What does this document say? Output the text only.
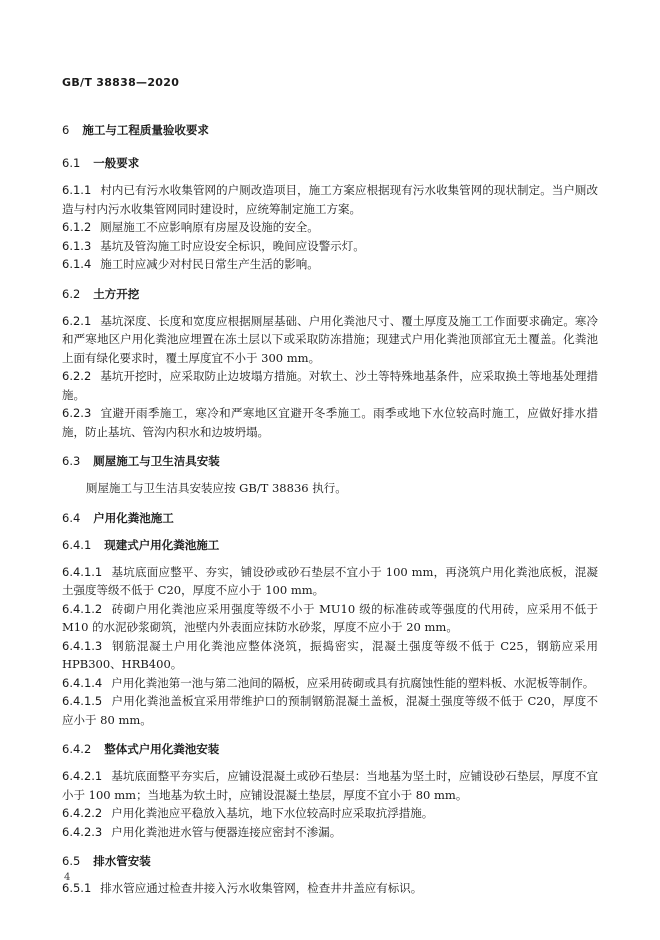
GB/T 38838—2020
6 施工与工程质量验收要求
6.1 一般要求
6.1.1 村内已有污水收集管网的户厕改造项目，施工方案应根据现有污水收集管网的现状制定。当户厕改造与村内污水收集管网同时建设时，应统筹制定施工方案。
6.1.2 厕屋施工不应影响原有房屋及设施的安全。
6.1.3 基坑及管沟施工时应设安全标识，晚间应设警示灯。
6.1.4 施工时应减少对村民日常生产生活的影响。
6.2 土方开挖
6.2.1 基坑深度、长度和宽度应根据厕屋基础、户用化粪池尺寸、覆土厚度及施工工作面要求确定。寒冷和严寒地区户用化粪池应埋置在冻土层以下或采取防冻措施；现建式户用化粪池顶部宜无土覆盖。化粪池上面有绿化要求时，覆土厚度宜不小于 300 mm。
6.2.2 基坑开挖时，应采取防止边坡塌方措施。对软土、沙土等特殊地基条件，应采取换土等地基处理措施。
6.2.3 宜避开雨季施工，寒冷和严寒地区宜避开冬季施工。雨季或地下水位较高时施工，应做好排水措施，防止基坑、管沟内积水和边坡坍塌。
6.3 厕屋施工与卫生洁具安装
厕屋施工与卫生洁具安装应按 GB/T 38836 执行。
6.4 户用化粪池施工
6.4.1 现建式户用化粪池施工
6.4.1.1 基坑底面应整平、夯实，铺设砂或砂石垫层不宜小于 100 mm，再浇筑户用化粪池底板，混凝土强度等级不低于 C20，厚度不应小于 100 mm。
6.4.1.2 砖砌户用化粪池应采用强度等级不小于 MU10 级的标准砖或等强度的代用砖，应采用不低于 M10 的水泥砂浆砌筑，池壁内外表面应抹防水砂浆，厚度不应小于 20 mm。
6.4.1.3 钢筋混凝土户用化粪池应整体浇筑，振捣密实，混凝土强度等级不低于 C25，钢筋应采用 HPB300、HRB400。
6.4.1.4 户用化粪池第一池与第二池间的隔板，应采用砖砌或具有抗腐蚀性能的塑料板、水泥板等制作。
6.4.1.5 户用化粪池盖板宜采用带维护口的预制钢筋混凝土盖板，混凝土强度等级不低于 C20，厚度不应小于 80 mm。
6.4.2 整体式户用化粪池安装
6.4.2.1 基坑底面整平夯实后，应铺设混凝土或砂石垫层：当地基为坚土时，应铺设砂石垫层，厚度不宜小于 100 mm；当地基为软土时，应铺设混凝土垫层，厚度不宜小于 80 mm。
6.4.2.2 户用化粪池应平稳放入基坑，地下水位较高时应采取抗浮措施。
6.4.2.3 户用化粪池进水管与便器连接应密封不渗漏。
6.5 排水管安装
6.5.1 排水管应通过检查井接入污水收集管网，检查井井盖应有标识。
4
